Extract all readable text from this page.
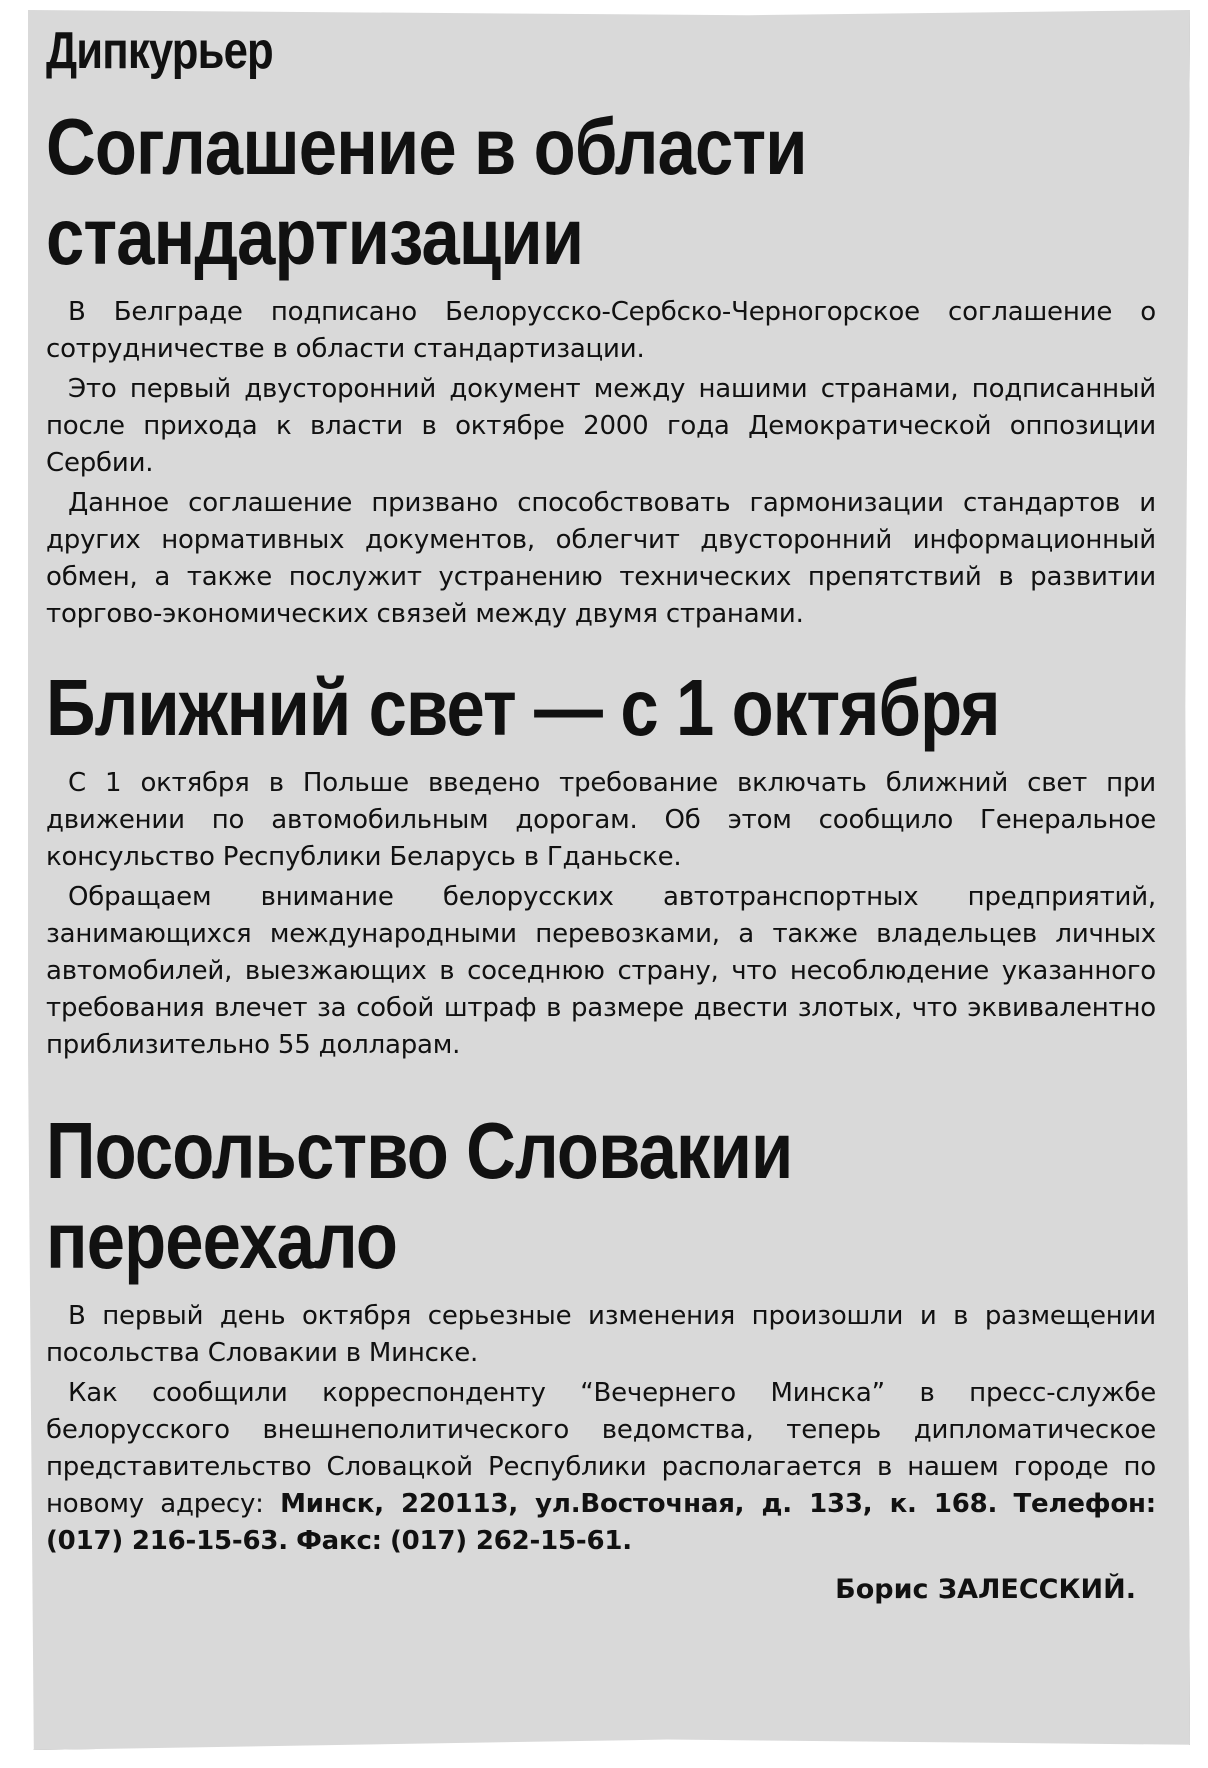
Дипкурьер
Соглашение в области
стандартизации

В Белграде подписано Белорусско-Сербско-Черногорское соглашение о сотрудничестве в области стандартизации.

Это первый двусторонний документ между нашими странами, подписанный после прихода к власти в октябре 2000 года Демократической оппозиции Сербии.

Данное соглашение призвано способствовать гармонизации стандартов и других нормативных документов, облегчит двусторонний информационный обмен, а также послужит устранению технических препятствий в развитии торгово-экономических связей между двумя странами.

Ближний свет — с 1 октября

С 1 октября в Польше введено требование включать ближний свет при движении по автомобильным дорогам. Об этом сообщило Генеральное консульство Республики Беларусь в Гданьске.

Обращаем внимание белорусских автотранспортных предприятий, занимающихся международными перевозками, а также владельцев личных автомобилей, выезжающих в соседнюю страну, что несоблюдение указанного требования влечет за собой штраф в размере двести злотых, что эквивалентно приблизительно 55 долларам.

Посольство Словакии
переехало

В первый день октября серьезные изменения произошли и в размещении посольства Словакии в Минске.

Как сообщили корреспонденту “Вечернего Минска” в пресс-службе белорусского внешнеполитического ведомства, теперь дипломатическое представительство Словацкой Республики располагается в нашем городе по новому адресу: Минск, 220113, ул.Восточная, д. 133, к. 168. Телефон: (017) 216-15-63. Факс: (017) 262-15-61.

Борис ЗАЛЕССКИЙ.
